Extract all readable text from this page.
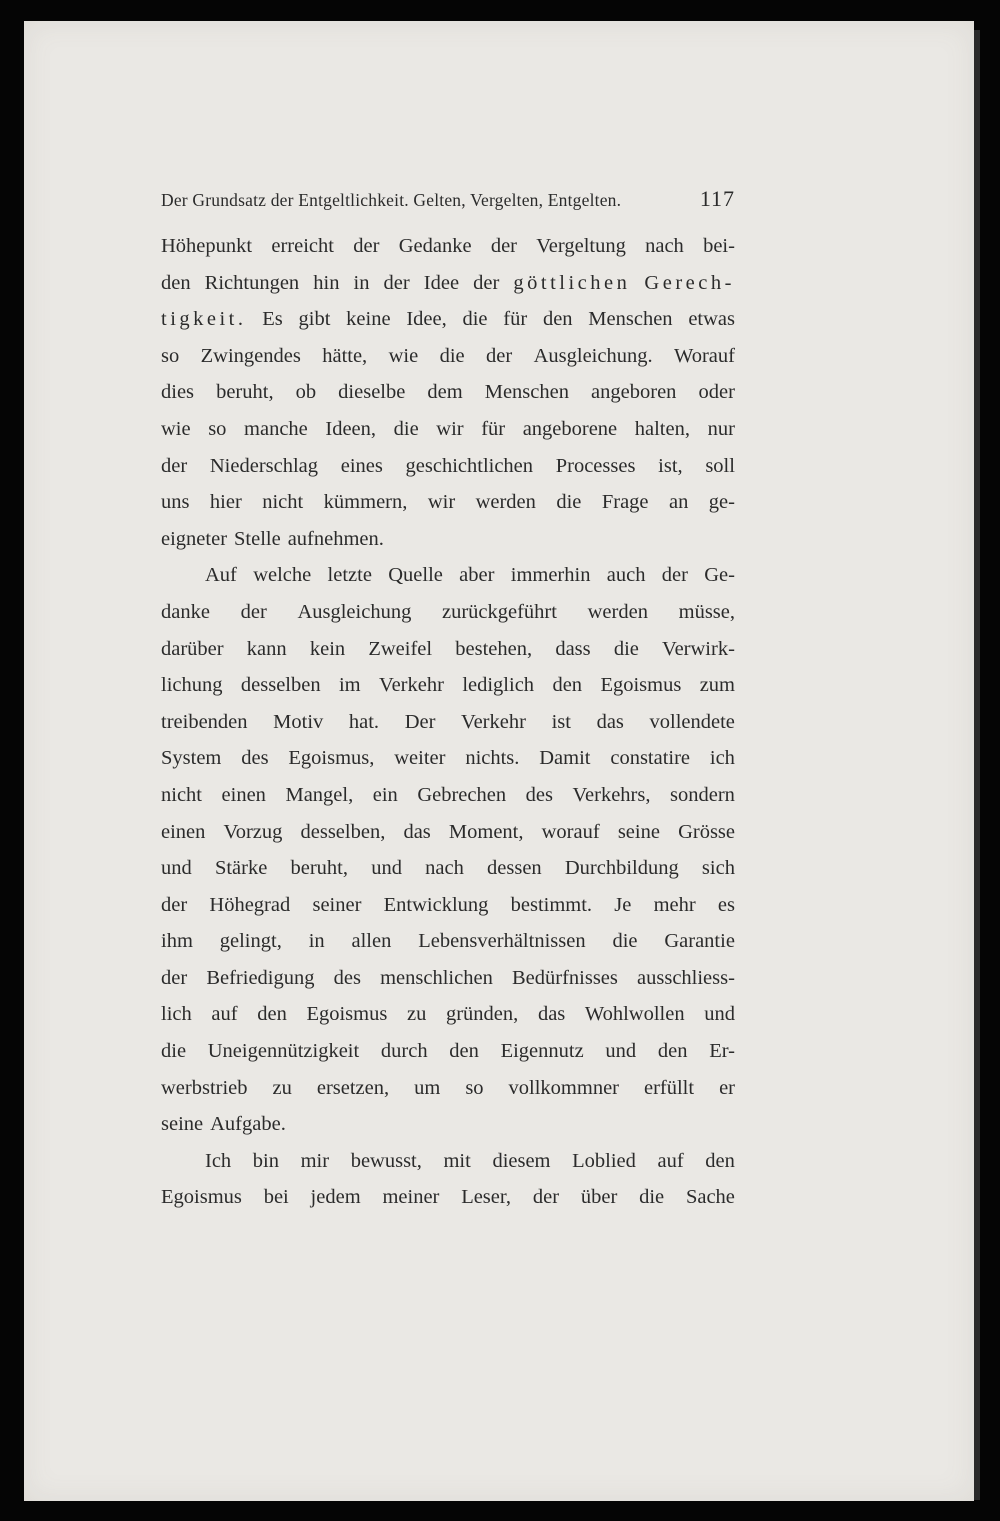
Der Grundsatz der Entgeltlichkeit. Gelten, Vergelten, Entgelten.	117
Höhepunkt erreicht der Gedanke der Vergeltung nach bei-
den Richtungen hin in der Idee der göttlichen Gerech-
tigkeit. Es gibt keine Idee, die für den Menschen etwas
so Zwingendes hätte, wie die der Ausgleichung. Worauf
dies beruht, ob dieselbe dem Menschen angeboren oder
wie so manche Ideen, die wir für angeborene halten, nur
der Niederschlag eines geschichtlichen Processes ist, soll
uns hier nicht kümmern, wir werden die Frage an ge-
eigneter Stelle aufnehmen.
Auf welche letzte Quelle aber immerhin auch der Ge-
danke der Ausgleichung zurückgeführt werden müsse,
darüber kann kein Zweifel bestehen, dass die Verwirk-
lichung desselben im Verkehr lediglich den Egoismus zum
treibenden Motiv hat. Der Verkehr ist das vollendete
System des Egoismus, weiter nichts. Damit constatire ich
nicht einen Mangel, ein Gebrechen des Verkehrs, sondern
einen Vorzug desselben, das Moment, worauf seine Grösse
und Stärke beruht, und nach dessen Durchbildung sich
der Höhegrad seiner Entwicklung bestimmt. Je mehr es
ihm gelingt, in allen Lebensverhältnissen die Garantie
der Befriedigung des menschlichen Bedürfnisses ausschliess-
lich auf den Egoismus zu gründen, das Wohlwollen und
die Uneigennützigkeit durch den Eigennutz und den Er-
werbstrieb zu ersetzen, um so vollkommner erfüllt er
seine Aufgabe.
Ich bin mir bewusst, mit diesem Loblied auf den
Egoismus bei jedem meiner Leser, der über die Sache
